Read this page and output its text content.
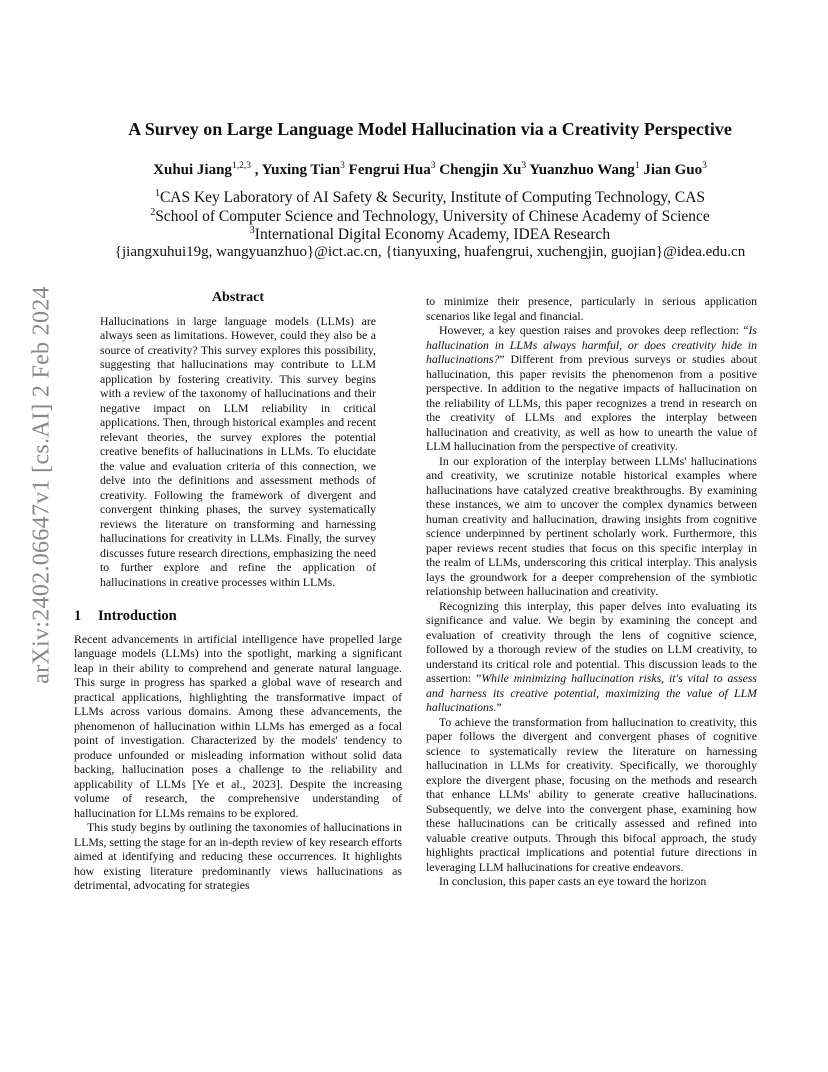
arXiv:2402.06647v1 [cs.AI] 2 Feb 2024
A Survey on Large Language Model Hallucination via a Creativity Perspective
Xuhui Jiang$^{1,2,3}$ , Yuxing Tian$^3$ Fengrui Hua$^3$ Chengjin Xu$^3$ Yuanzhuo Wang$^1$ Jian Guo$^3$
$^1$CAS Key Laboratory of AI Safety & Security, Institute of Computing Technology, CAS
$^2$School of Computer Science and Technology, University of Chinese Academy of Science
$^3$International Digital Economy Academy, IDEA Research
{jiangxuhui19g, wangyuanzhuo}@ict.ac.cn, {tianyuxing, huafengrui, xuchengjin, guojian}@idea.edu.cn
Abstract

Hallucinations in large language models (LLMs) are always seen as limitations. However, could they also be a source of creativity? This survey explores this possibility, suggesting that hallucinations may contribute to LLM application by fostering creativity. This survey begins with a review of the taxonomy of hallucinations and their negative impact on LLM reliability in critical applications. Then, through historical examples and recent relevant theories, the survey explores the potential creative benefits of hallucinations in LLMs. To elucidate the value and evaluation criteria of this connection, we delve into the definitions and assessment methods of creativity. Following the framework of divergent and convergent thinking phases, the survey systematically reviews the literature on transforming and harnessing hallucinations for creativity in LLMs. Finally, the survey discusses future research directions, emphasizing the need to further explore and refine the application of hallucinations in creative processes within LLMs.

1 Introduction

Recent advancements in artificial intelligence have propelled large language models (LLMs) into the spotlight, marking a significant leap in their ability to comprehend and generate natural language. This surge in progress has sparked a global wave of research and practical applications, highlighting the transformative impact of LLMs across various domains. Among these advancements, the phenomenon of hallucination within LLMs has emerged as a focal point of investigation. Characterized by the models' tendency to produce unfounded or misleading information without solid data backing, hallucination poses a challenge to the reliability and applicability of LLMs [Ye et al., 2023]. Despite the increasing volume of research, the comprehensive understanding of hallucination for LLMs remains to be explored.

This study begins by outlining the taxonomies of hallucinations in LLMs, setting the stage for an in-depth review of key research efforts aimed at identifying and reducing these occurrences. It highlights how existing literature predominantly views hallucinations as detrimental, advocating for strategies

to minimize their presence, particularly in serious application scenarios like legal and financial.

However, a key question raises and provokes deep reflection: “Is hallucination in LLMs always harmful, or does creativity hide in hallucinations?” Different from previous surveys or studies about hallucination, this paper revisits the phenomenon from a positive perspective. In addition to the negative impacts of hallucination on the reliability of LLMs, this paper recognizes a trend in research on the creativity of LLMs and explores the interplay between hallucination and creativity, as well as how to unearth the value of LLM hallucination from the perspective of creativity.

In our exploration of the interplay between LLMs' hallucinations and creativity, we scrutinize notable historical examples where hallucinations have catalyzed creative breakthroughs. By examining these instances, we aim to uncover the complex dynamics between human creativity and hallucination, drawing insights from cognitive science underpinned by pertinent scholarly work. Furthermore, this paper reviews recent studies that focus on this specific interplay in the realm of LLMs, underscoring this critical interplay. This analysis lays the groundwork for a deeper comprehension of the symbiotic relationship between hallucination and creativity.

Recognizing this interplay, this paper delves into evaluating its significance and value. We begin by examining the concept and evaluation of creativity through the lens of cognitive science, followed by a thorough review of the studies on LLM creativity, to understand its critical role and potential. This discussion leads to the assertion: ”While minimizing hallucination risks, it's vital to assess and harness its creative potential, maximizing the value of LLM hallucinations.”

To achieve the transformation from hallucination to creativity, this paper follows the divergent and convergent phases of cognitive science to systematically review the literature on harnessing hallucination in LLMs for creativity. Specifically, we thoroughly explore the divergent phase, focusing on the methods and research that enhance LLMs' ability to generate creative hallucinations. Subsequently, we delve into the convergent phase, examining how these hallucinations can be critically assessed and refined into valuable creative outputs. Through this bifocal approach, the study highlights practical implications and potential future directions in leveraging LLM hallucinations for creative endeavors.

In conclusion, this paper casts an eye toward the horizon
